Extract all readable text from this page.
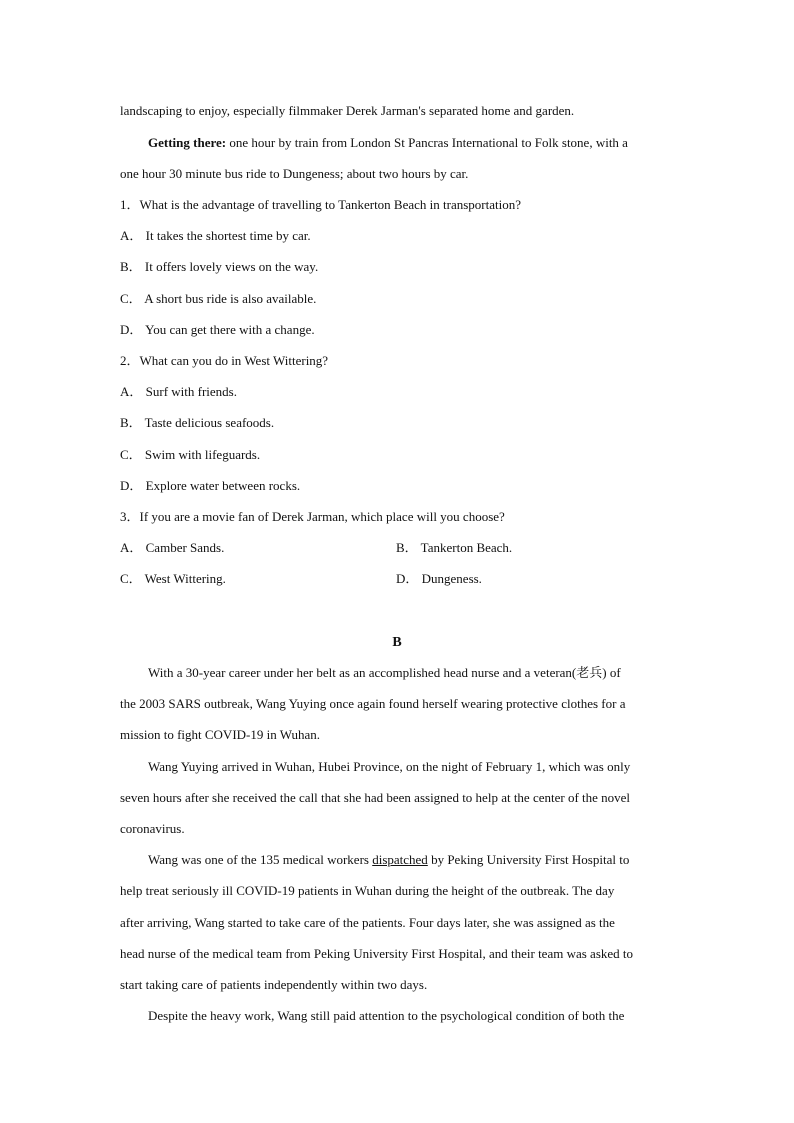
landscaping to enjoy, especially filmmaker Derek Jarman's separated home and garden.
Getting there: one hour by train from London St Pancras International to Folk stone, with a
one hour 30 minute bus ride to Dungeness; about two hours by car.
1．What is the advantage of travelling to Tankerton Beach in transportation?
A． It takes the shortest time by car.
B． It offers lovely views on the way.
C． A short bus ride is also available.
D． You can get there with a change.
2．What can you do in West Wittering?
A． Surf with friends.
B． Taste delicious seafoods.
C． Swim with lifeguards.
D． Explore water between rocks.
3．If you are a movie fan of Derek Jarman, which place will you choose?
A． Camber Sands.	B． Tankerton Beach.
C． West Wittering.	D． Dungeness.
B
With a 30-year career under her belt as an accomplished head nurse and a veteran(老兵) of
the 2003 SARS outbreak, Wang Yuying once again found herself wearing protective clothes for a
mission to fight COVID-19 in Wuhan.
Wang Yuying arrived in Wuhan, Hubei Province, on the night of February 1, which was only
seven hours after she received the call that she had been assigned to help at the center of the novel
coronavirus.
Wang was one of the 135 medical workers dispatched by Peking University First Hospital to
help treat seriously ill COVID-19 patients in Wuhan during the height of the outbreak. The day
after arriving, Wang started to take care of the patients. Four days later, she was assigned as the
head nurse of the medical team from Peking University First Hospital, and their team was asked to
start taking care of patients independently within two days.
Despite the heavy work, Wang still paid attention to the psychological condition of both the
